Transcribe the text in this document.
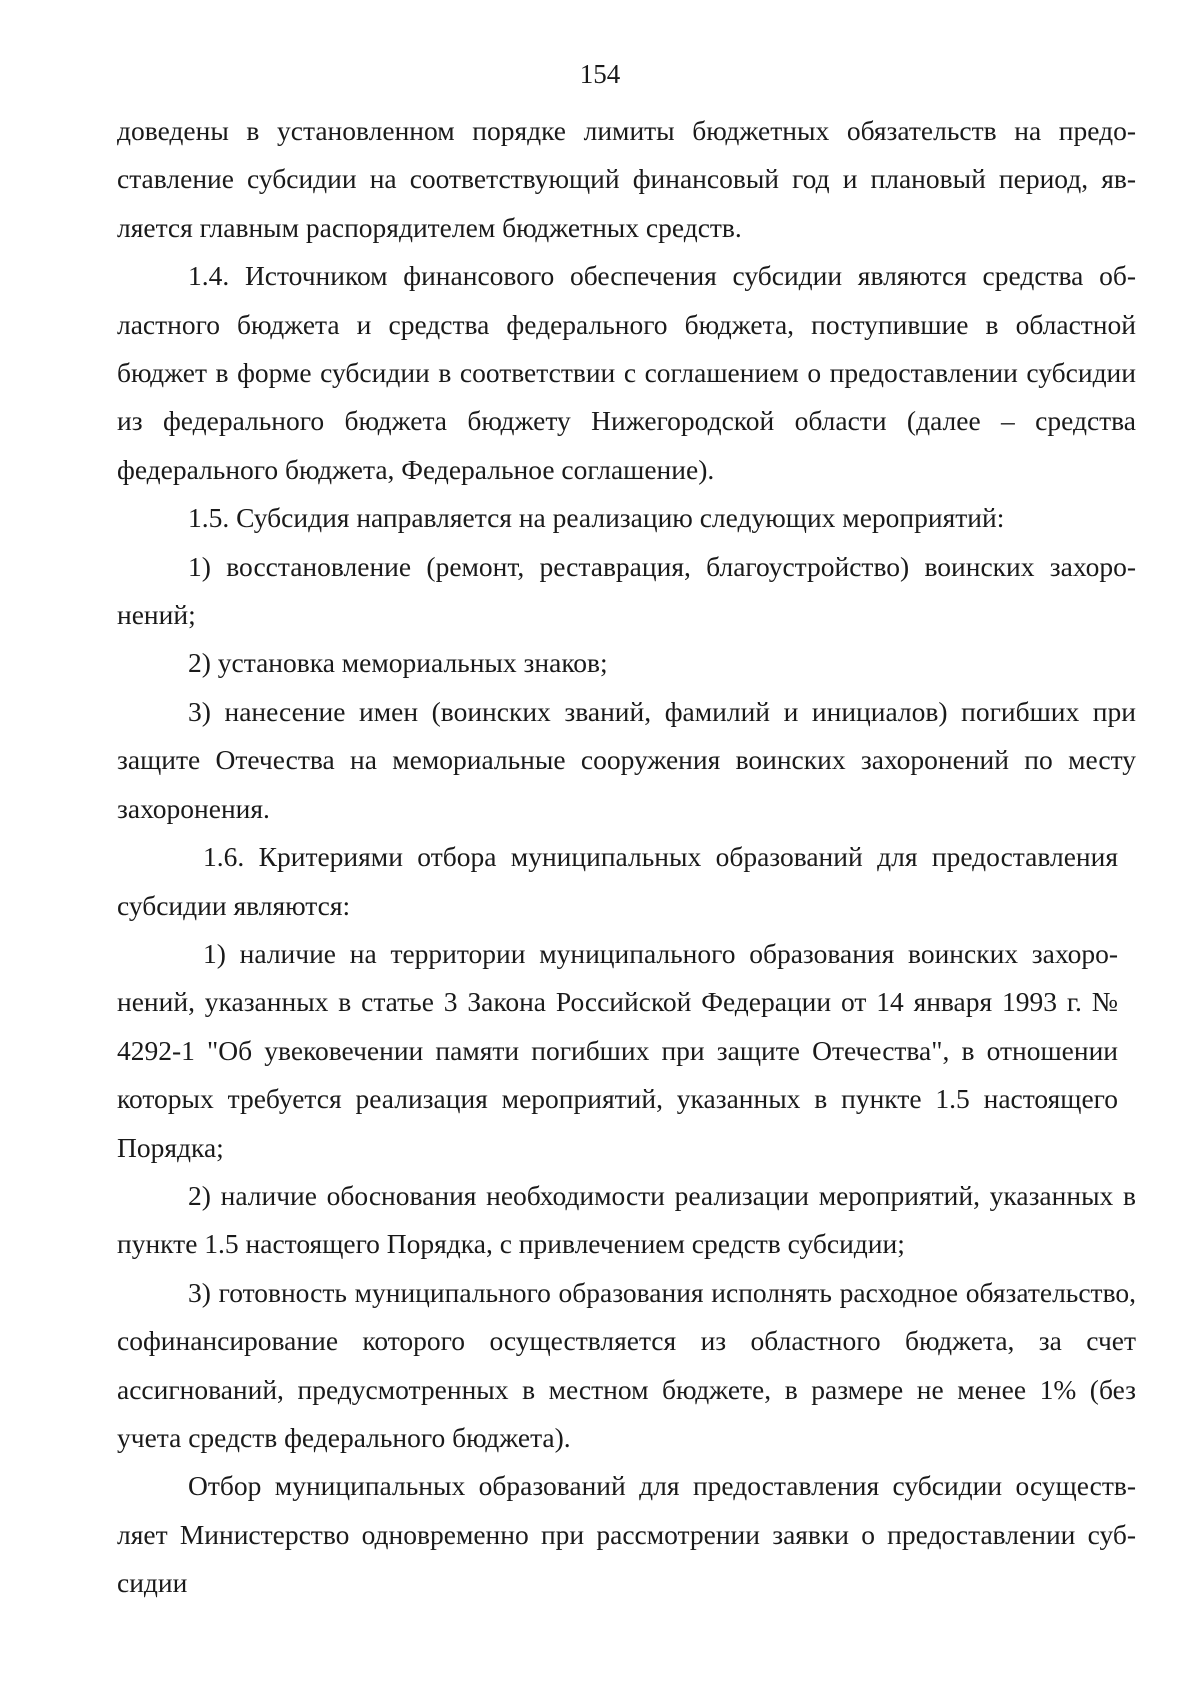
154

доведены в установленном порядке лимиты бюджетных обязательств на предоставление субсидии на соответствующий финансовый год и плановый период, является главным распорядителем бюджетных средств.

1.4. Источником финансового обеспечения субсидии являются средства областного бюджета и средства федерального бюджета, поступившие в областной бюджет в форме субсидии в соответствии с соглашением о предоставлении субсидии из федерального бюджета бюджету Нижегородской области (далее – средства федерального бюджета, Федеральное соглашение).

1.5. Субсидия направляется на реализацию следующих мероприятий:

1) восстановление (ремонт, реставрация, благоустройство) воинских захоронений;

2) установка мемориальных знаков;

3) нанесение имен (воинских званий, фамилий и инициалов) погибших при защите Отечества на мемориальные сооружения воинских захоронений по месту захоронения.

1.6. Критериями отбора муниципальных образований для предоставления субсидии являются:

1) наличие на территории муниципального образования воинских захоронений, указанных в статье 3 Закона Российской Федерации от 14 января 1993 г. № 4292-1 "Об увековечении памяти погибших при защите Отечества", в отношении которых требуется реализация мероприятий, указанных в пункте 1.5 настоящего Порядка;

2) наличие обоснования необходимости реализации мероприятий, указанных в пункте 1.5 настоящего Порядка, с привлечением средств субсидии;

3) готовность муниципального образования исполнять расходное обязательство, софинансирование которого осуществляется из областного бюджета, за счет ассигнований, предусмотренных в местном бюджете, в размере не менее 1% (без учета средств федерального бюджета).

Отбор муниципальных образований для предоставления субсидии осуществляет Министерство одновременно при рассмотрении заявки о предоставлении субсидии
